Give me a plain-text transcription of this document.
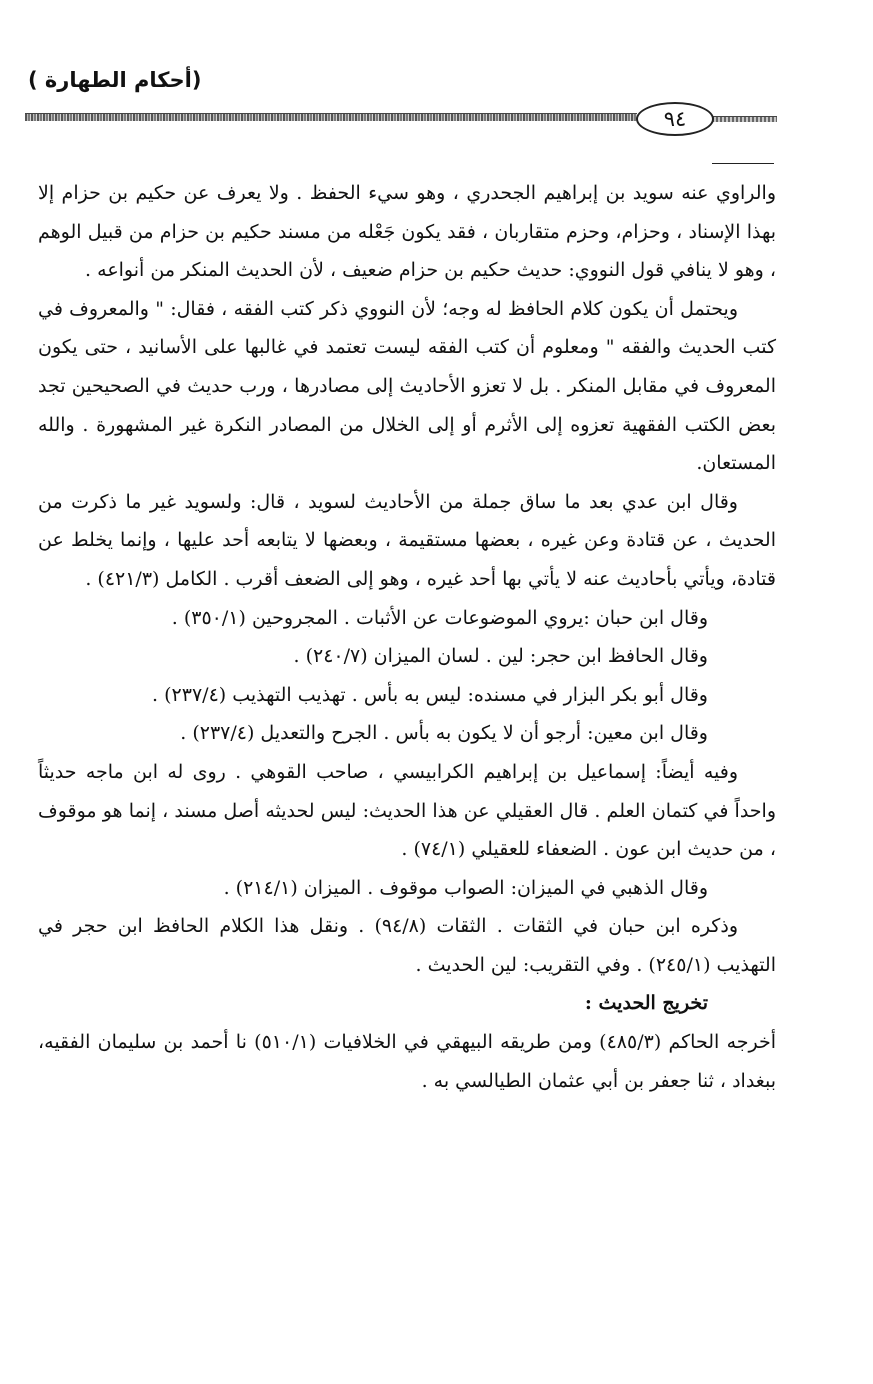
(أحكام الطهارة )
٩٤

والراوي عنه سويد بن إبراهيم الجحدري ، وهو سيء الحفظ . ولا يعرف عن حكيم بن حزام إلا بهذا الإسناد ، وحزام، وحزم متقاربان ، فقد يكون جَعْله من مسند حكيم بن حزام من قبيل الوهم ، وهو لا ينافي قول النووي: حديث حكيم بن حزام ضعيف ، لأن الحديث المنكر من أنواعه .

ويحتمل أن يكون كلام الحافظ له وجه؛ لأن النووي ذكر كتب الفقه ، فقال: " والمعروف في كتب الحديث والفقه " ومعلوم أن كتب الفقه ليست تعتمد في غالبها على الأسانيد ، حتى يكون المعروف في مقابل المنكر . بل لا تعزو الأحاديث إلى مصادرها ، ورب حديث في الصحيحين تجد بعض الكتب الفقهية تعزوه إلى الأثرم أو إلى الخلال من المصادر النكرة غير المشهورة . والله المستعان.

وقال ابن عدي بعد ما ساق جملة من الأحاديث لسويد ، قال: ولسويد غير ما ذكرت من الحديث ، عن قتادة وعن غيره ، بعضها مستقيمة ، وبعضها لا يتابعه أحد عليها ، وإنما يخلط عن قتادة، ويأتي بأحاديث عنه لا يأتي بها أحد غيره ، وهو إلى الضعف أقرب . الكامل (٤٢١/٣) .

وقال ابن حبان :يروي الموضوعات عن الأثبات . المجروحين (٣٥٠/١) .

وقال الحافظ ابن حجر: لين . لسان الميزان (٢٤٠/٧) .

وقال أبو بكر البزار في مسنده: ليس به بأس . تهذيب التهذيب (٢٣٧/٤) .

وقال ابن معين: أرجو أن لا يكون به بأس . الجرح والتعديل (٢٣٧/٤) .

وفيه أيضاً: إسماعيل بن إبراهيم الكرابيسي ، صاحب القوهي . روى له ابن ماجه حديثاً واحداً في كتمان العلم . قال العقيلي عن هذا الحديث: ليس لحديثه أصل مسند ، إنما هو موقوف ، من حديث ابن عون . الضعفاء للعقيلي (٧٤/١) .

وقال الذهبي في الميزان: الصواب موقوف . الميزان (٢١٤/١) .

وذكره ابن حبان في الثقات . الثقات (٩٤/٨) . ونقل هذا الكلام الحافظ ابن حجر في التهذيب (٢٤٥/١) . وفي التقريب: لين الحديث .

تخريج الحديث :

أخرجه الحاكم (٤٨٥/٣) ومن طريقه البيهقي في الخلافيات (٥١٠/١) نا أحمد بن سليمان الفقيه، ببغداد ، ثنا جعفر بن أبي عثمان الطيالسي به .
